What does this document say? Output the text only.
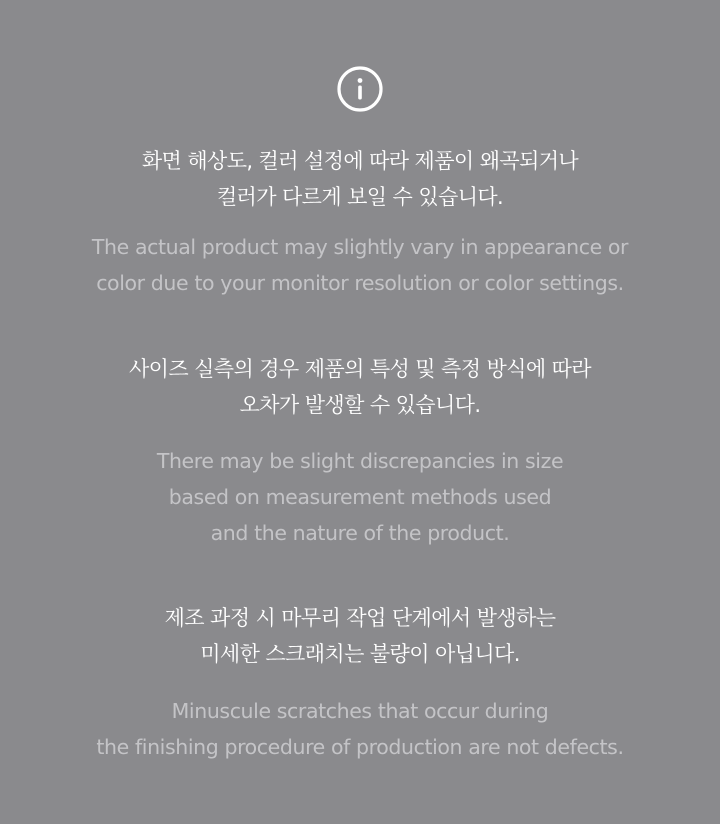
화면 해상도, 컬러 설정에 따라 제품이 왜곡되거나
컬러가 다르게 보일 수 있습니다.
The actual product may slightly vary in appearance or
color due to your monitor resolution or color settings.
사이즈 실측의 경우 제품의 특성 및 측정 방식에 따라
오차가 발생할 수 있습니다.
There may be slight discrepancies in size
based on measurement methods used
and the nature of the product.
제조 과정 시 마무리 작업 단계에서 발생하는
미세한 스크래치는 불량이 아닙니다.
Minuscule scratches that occur during
the finishing procedure of production are not defects.
